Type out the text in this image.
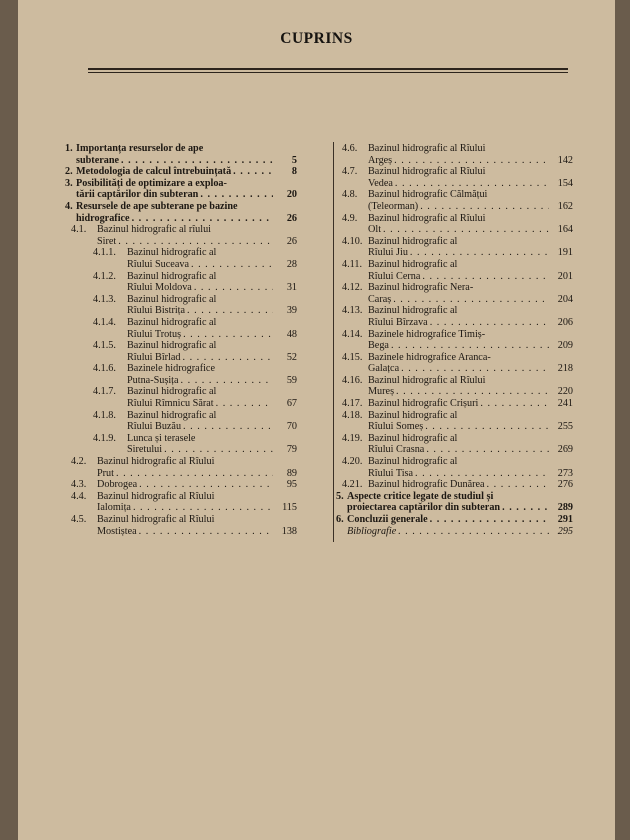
CUPRINS
1. Importanța resurselor de ape
subterane . . .	5
2. Metodologia de calcul întrebuințată . . .	8
3. Posibilități de optimizare a exploa-
tării captărilor din subteran . . .	20
4. Resursele de ape subterane pe bazine
hidrografice . . .	26
4.1.	Bazinul hidrografic al rîului
Siret . . .	26
4.1.1.	Bazinul hidrografic al
Rîului Suceava . . .	28
4.1.2.	Bazinul hidrografic al
Rîului Moldova . . .	31
4.1.3.	Bazinul hidrografic al
Rîului Bistrița . . .	39
4.1.4.	Bazinul hidrografic al
Rîului Trotuș . . .	48
4.1.5.	Bazinul hidrografic al
Rîului Bîrlad . . .	52
4.1.6.	Bazinele hidrografice
Putna-Sușița . . .	59
4.1.7.	Bazinul hidrografic al
Rîului Rîmnicu Sărat . . .	67
4.1.8.	Bazinul hidrografic al
Rîului Buzău . . .	70
4.1.9.	Lunca și terasele
Siretului . . .	79
4.2.	Bazinul hidrografic al Rîului
Prut . . .	89
4.3.	Dobrogea . . .	95
4.4.	Bazinul hidrografic al Rîului
Ialomița . . .	115
4.5.	Bazinul hidrografic al Rîului
Mostiștea . . .	138
4.6.	Bazinul hidrografic al Rîului
Argeș . . .	142
4.7.	Bazinul hidrografic al Rîului
Vedea . . .	154
4.8.	Bazinul hidrografic Călmățui
(Teleorman) . . .	162
4.9.	Bazinul hidrografic al Rîului
Olt . . .	164
4.10. Bazinul hidrografic al
Rîului Jiu . . .	191
4.11. Bazinul hidrografic al
Rîului Cerna . . .	201
4.12. Bazinul hidrografic Nera-
Caraș . . .	204
4.13. Bazinul hidrografic al
Rîului Bîrzava . . .	206
4.14. Bazinele hidrografice Timiș-
Bega . . .	209
4.15. Bazinele hidrografice Aranca-
Galațca . . .	218
4.16. Bazinul hidrografic al Rîului
Mureș . . .	220
4.17. Bazinul hidrografic Crișuri . . .	241
4.18. Bazinul hidrografic al
Rîului Someș . . .	255
4.19. Bazinul hidrografic al
Rîului Crasna . . .	269
4.20. Bazinul hidrografic al
Rîului Tisa . . .	273
4.21. Bazinul hidrografic Dunărea . . .	276
5. Aspecte critice legate de studiul și
proiectarea captărilor din subteran . . .	289
6. Concluzii generale . . .	291
Bibliografie . . .	295
